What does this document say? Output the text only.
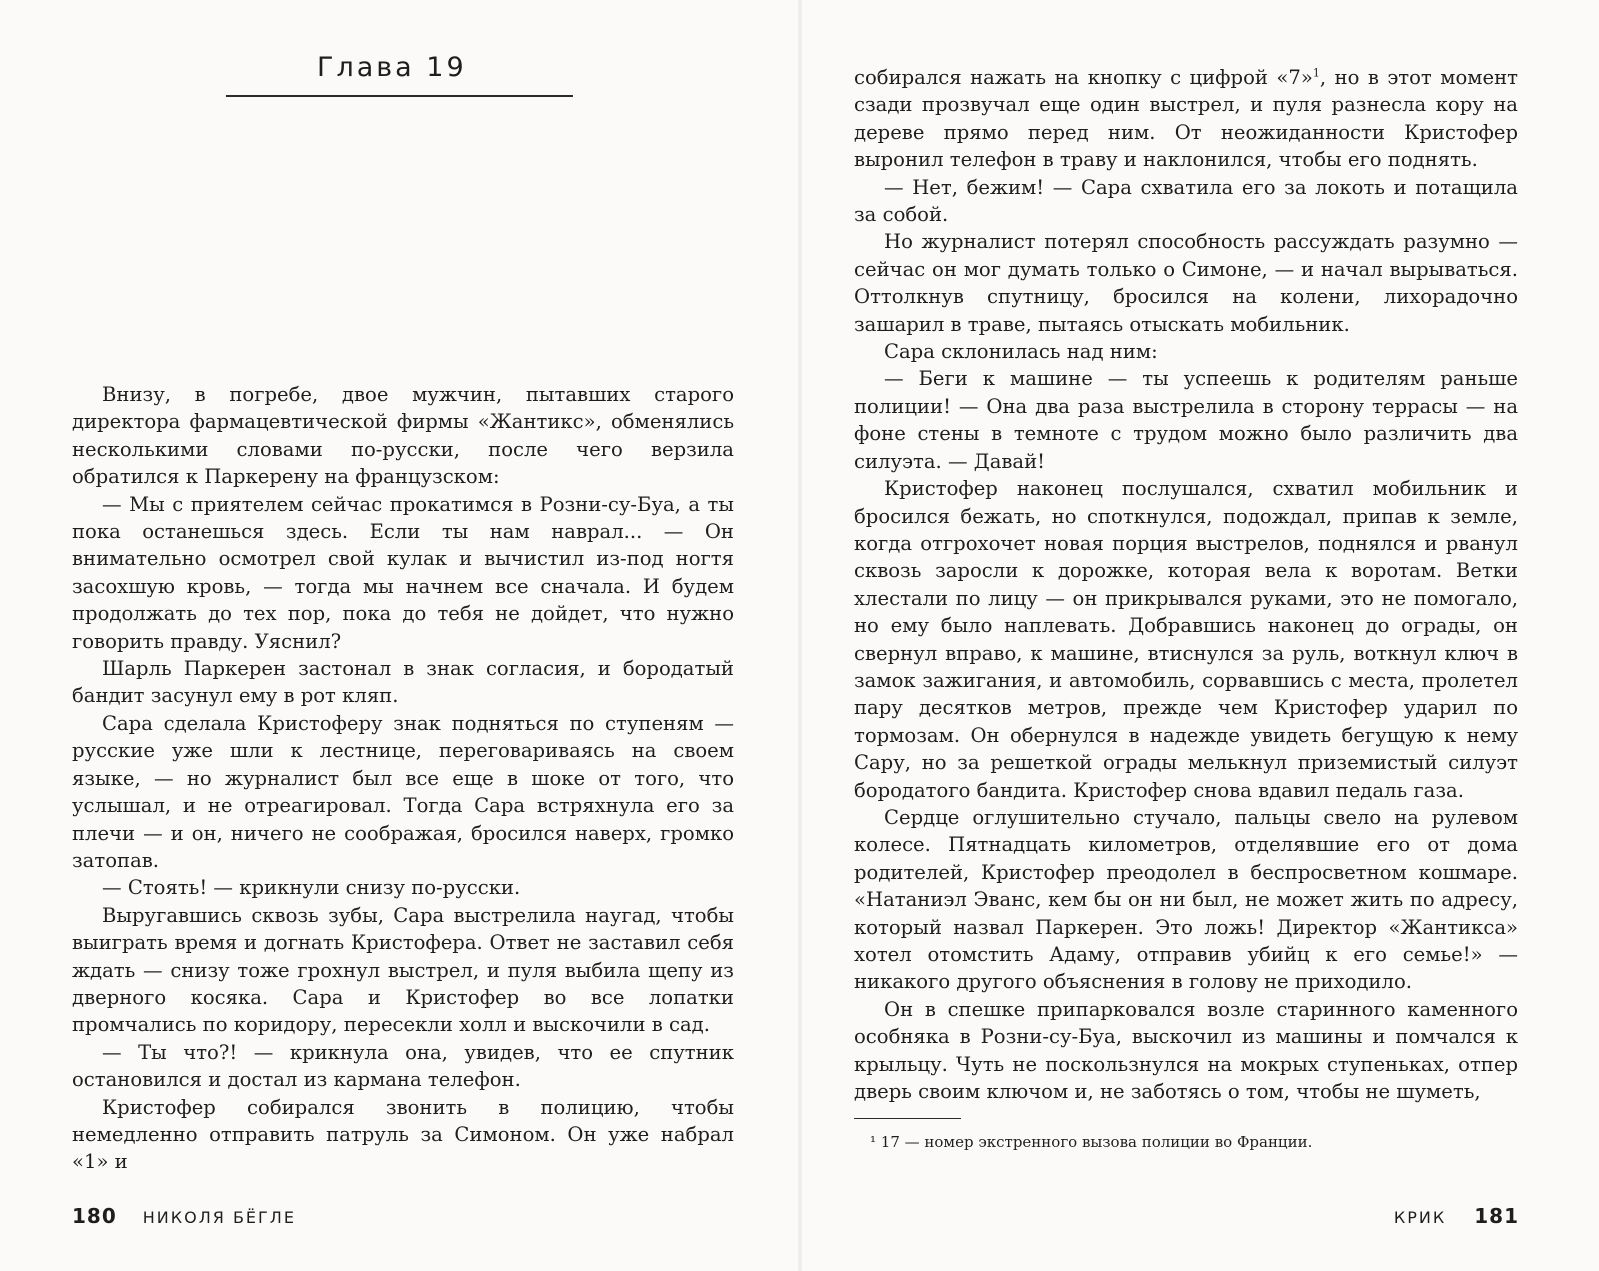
Глава 19

Внизу, в погребе, двое мужчин, пытавших старого директора фармацевтической фирмы «Жантикс», обменялись несколькими словами по-русски, после чего верзила обратился к Паркерену на французском:

— Мы с приятелем сейчас прокатимся в Розни-су-Буа, а ты пока останешься здесь. Если ты нам наврал... — Он внимательно осмотрел свой кулак и вычистил из-под ногтя засохшую кровь, — тогда мы начнем все сначала. И будем продолжать до тех пор, пока до тебя не дойдет, что нужно говорить правду. Уяснил?

Шарль Паркерен застонал в знак согласия, и бородатый бандит засунул ему в рот кляп.

Сара сделала Кристоферу знак подняться по ступеням — русские уже шли к лестнице, переговариваясь на своем языке, — но журналист был все еще в шоке от того, что услышал, и не отреагировал. Тогда Сара встряхнула его за плечи — и он, ничего не соображая, бросился наверх, громко затопав.

— Стоять! — крикнули снизу по-русски.

Выругавшись сквозь зубы, Сара выстрелила наугад, чтобы выиграть время и догнать Кристофера. Ответ не заставил себя ждать — снизу тоже грохнул выстрел, и пуля выбила щепу из дверного косяка. Сара и Кристофер во все лопатки промчались по коридору, пересекли холл и выскочили в сад.

— Ты что?! — крикнула она, увидев, что ее спутник остановился и достал из кармана телефон.

Кристофер собирался звонить в полицию, чтобы немедленно отправить патруль за Симоном. Он уже набрал «1» и

180 НИКОЛЯ БЁГЛЕ

собирался нажать на кнопку с цифрой «7»$^1$, но в этот момент сзади прозвучал еще один выстрел, и пуля разнесла кору на дереве прямо перед ним. От неожиданности Кристофер выронил телефон в траву и наклонился, чтобы его поднять.

— Нет, бежим! — Сара схватила его за локоть и потащила за собой.

Но журналист потерял способность рассуждать разумно — сейчас он мог думать только о Симоне, — и начал вырываться. Оттолкнув спутницу, бросился на колени, лихорадочно зашарил в траве, пытаясь отыскать мобильник.

Сара склонилась над ним:

— Беги к машине — ты успеешь к родителям раньше полиции! — Она два раза выстрелила в сторону террасы — на фоне стены в темноте с трудом можно было различить два силуэта. — Давай!

Кристофер наконец послушался, схватил мобильник и бросился бежать, но споткнулся, подождал, припав к земле, когда отгрохочет новая порция выстрелов, поднялся и рванул сквозь заросли к дорожке, которая вела к воротам. Ветки хлестали по лицу — он прикрывался руками, это не помогало, но ему было наплевать. Добравшись наконец до ограды, он свернул вправо, к машине, втиснулся за руль, воткнул ключ в замок зажигания, и автомобиль, сорвавшись с места, пролетел пару десятков метров, прежде чем Кристофер ударил по тормозам. Он обернулся в надежде увидеть бегущую к нему Сару, но за решеткой ограды мелькнул приземистый силуэт бородатого бандита. Кристофер снова вдавил педаль газа.

Сердце оглушительно стучало, пальцы свело на рулевом колесе. Пятнадцать километров, отделявшие его от дома родителей, Кристофер преодолел в беспросветном кошмаре. «Натаниэл Эванс, кем бы он ни был, не может жить по адресу, который назвал Паркерен. Это ложь! Директор «Жантикса» хотел отомстить Адаму, отправив убийц к его семье!» — никакого другого объяснения в голову не приходило.

Он в спешке припарковался возле старинного каменного особняка в Розни-су-Буа, выскочил из машины и помчался к крыльцу. Чуть не поскользнулся на мокрых ступеньках, отпер дверь своим ключом и, не заботясь о том, чтобы не шуметь,

¹ 17 — номер экстренного вызова полиции во Франции.
КРИК 181
